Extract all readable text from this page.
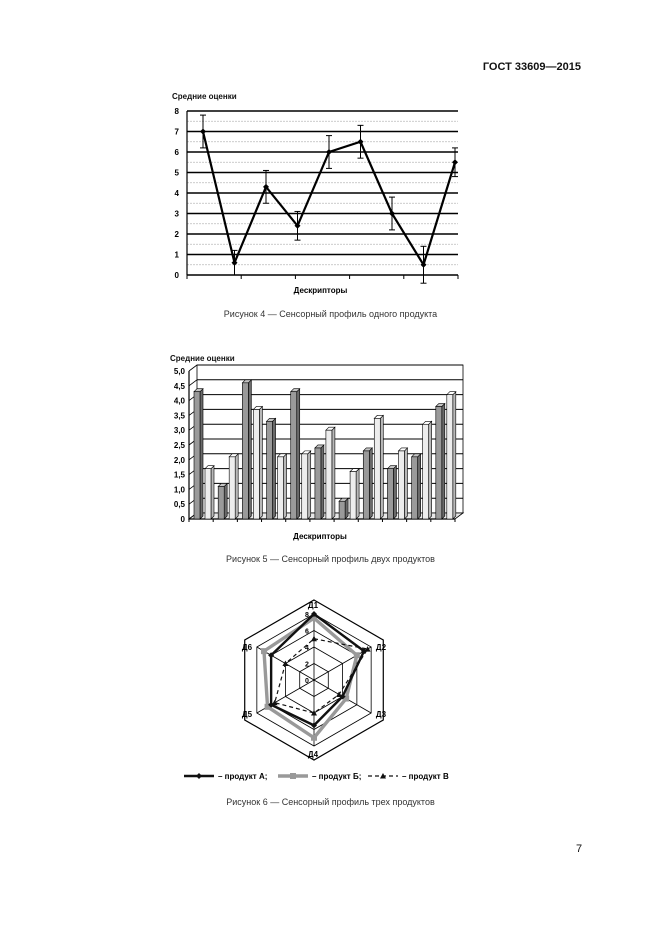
ГОСТ 33609—2015
Средние оценки
0
1
2
3
4
5
6
7
8
Дескрипторы
Рисунок 4 — Сенсорный профиль одного продукта
Средние оценки
0
0,5
1,0
1,5
2,0
2,5
3,0
3,5
4,0
4,5
5,0
Дескрипторы
Рисунок 5 — Сенсорный профиль двух продуктов
Д1
Д2
Д3
Д4
Д5
Д6
0
2
4
6
8
– продукт А;	– продукт Б;	– продукт В
Рисунок 6 — Сенсорный профиль трех продуктов
7
